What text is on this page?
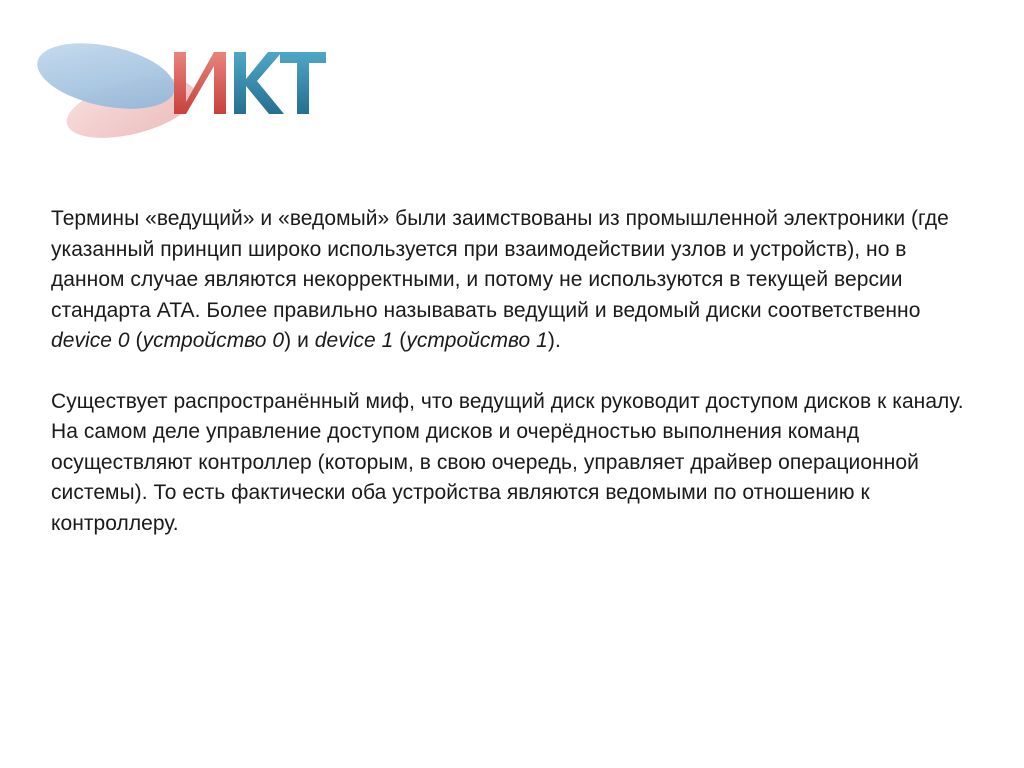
Термины «ведущий» и «ведомый» были заимствованы из промышленной электроники (где указанный принцип широко используется при взаимодействии узлов и устройств), но в данном случае являются некорректными, и потому не используются в текущей версии стандарта ATA. Более правильно называвать ведущий и ведомый диски соответственно device 0 (устройство 0) и device 1 (устройство 1).

Существует распространённый миф, что ведущий диск руководит доступом дисков к каналу. На самом деле управление доступом дисков и очерёдностью выполнения команд осуществляют контроллер (которым, в свою очередь, управляет драйвер операционной системы). То есть фактически оба устройства являются ведомыми по отношению к контроллеру.
